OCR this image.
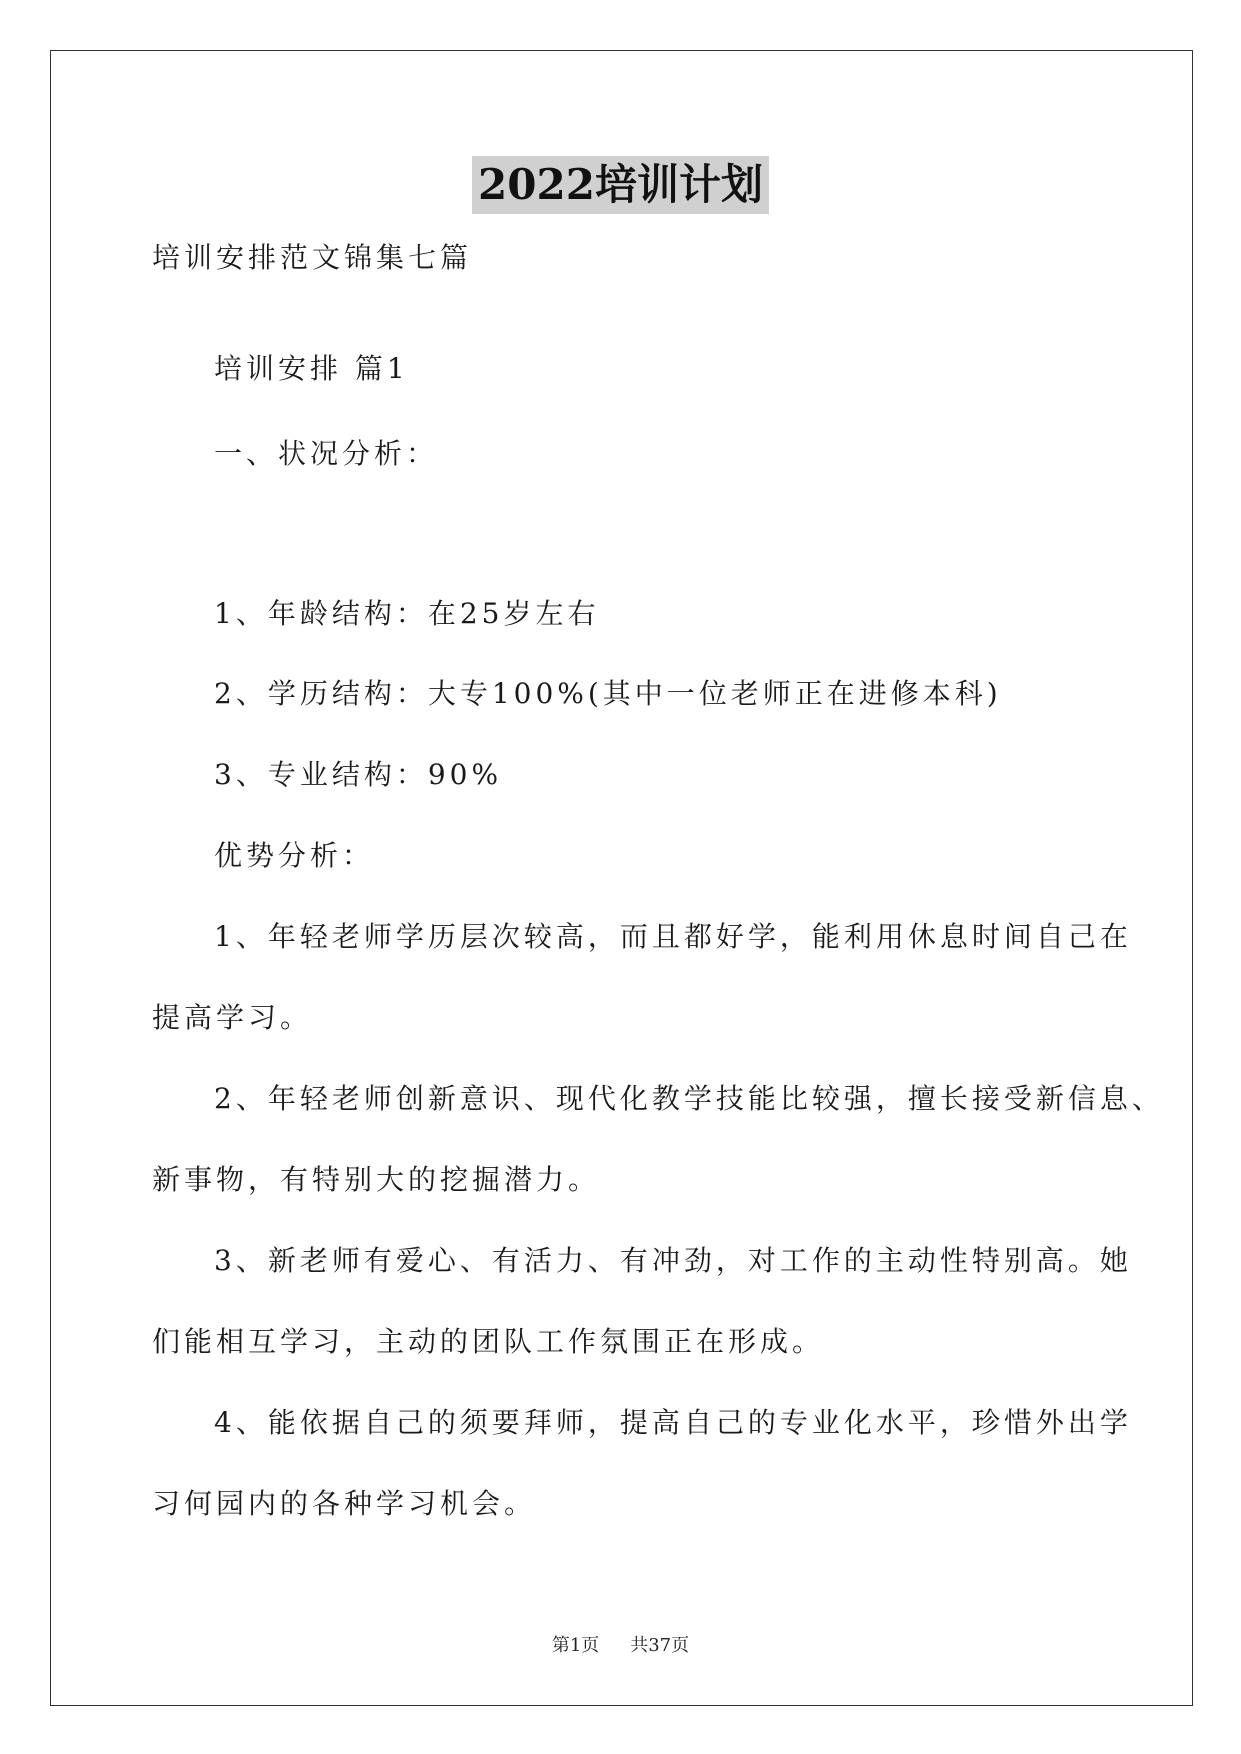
2022培训计划
培训安排范文锦集七篇
培训安排 篇1
一、状况分析：
1、年龄结构：在25岁左右
2、学历结构：大专100%(其中一位老师正在进修本科)
3、专业结构：90%
优势分析：
1、年轻老师学历层次较高，而且都好学，能利用休息时间自己在
提高学习。
2、年轻老师创新意识、现代化教学技能比较强，擅长接受新信息、
新事物，有特别大的挖掘潜力。
3、新老师有爱心、有活力、有冲劲，对工作的主动性特别高。她
们能相互学习，主动的团队工作氛围正在形成。
4、能依据自己的须要拜师，提高自己的专业化水平，珍惜外出学
习何园内的各种学习机会。
第1页 共37页
